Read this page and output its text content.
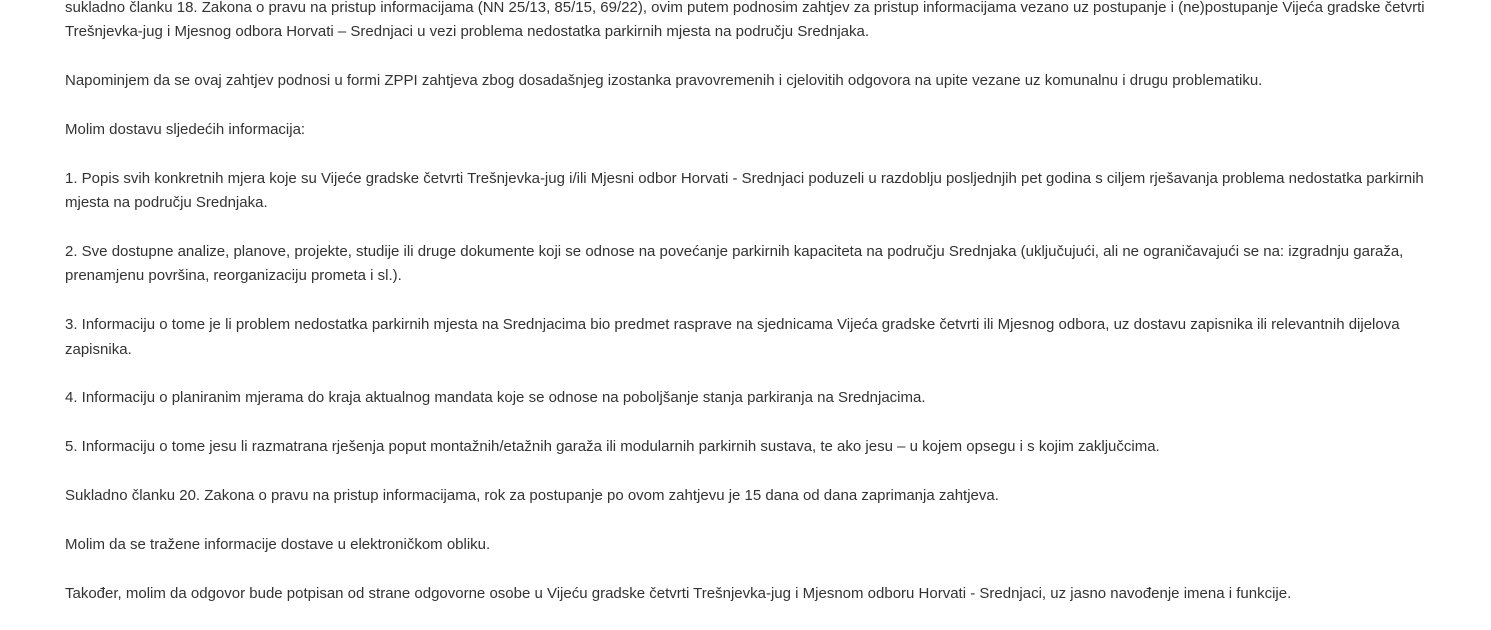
sukladno članku 18. Zakona o pravu na pristup informacijama (NN 25/13, 85/15, 69/22), ovim putem podnosim zahtjev za pristup informacijama vezano uz postupanje i (ne)postupanje Vijeća gradske četvrti Trešnjevka-jug i Mjesnog odbora Horvati – Srednjaci u vezi problema nedostatka parkirnih mjesta na području Srednjaka.

Napominjem da se ovaj zahtjev podnosi u formi ZPPI zahtjeva zbog dosadašnjeg izostanka pravovremenih i cjelovitih odgovora na upite vezane uz komunalnu i drugu problematiku.

Molim dostavu sljedećih informacija:

1. Popis svih konkretnih mjera koje su Vijeće gradske četvrti Trešnjevka-jug i/ili Mjesni odbor Horvati - Srednjaci poduzeli u razdoblju posljednjih pet godina s ciljem rješavanja problema nedostatka parkirnih mjesta na području Srednjaka.

2. Sve dostupne analize, planove, projekte, studije ili druge dokumente koji se odnose na povećanje parkirnih kapaciteta na području Srednjaka (uključujući, ali ne ograničavajući se na: izgradnju garaža, prenamjenu površina, reorganizaciju prometa i sl.).

3. Informaciju o tome je li problem nedostatka parkirnih mjesta na Srednjacima bio predmet rasprave na sjednicama Vijeća gradske četvrti ili Mjesnog odbora, uz dostavu zapisnika ili relevantnih dijelova zapisnika.

4. Informaciju o planiranim mjerama do kraja aktualnog mandata koje se odnose na poboljšanje stanja parkiranja na Srednjacima.

5. Informaciju o tome jesu li razmatrana rješenja poput montažnih/etažnih garaža ili modularnih parkirnih sustava, te ako jesu – u kojem opsegu i s kojim zaključcima.

Sukladno članku 20. Zakona o pravu na pristup informacijama, rok za postupanje po ovom zahtjevu je 15 dana od dana zaprimanja zahtjeva.

Molim da se tražene informacije dostave u elektroničkom obliku.

Također, molim da odgovor bude potpisan od strane odgovorne osobe u Vijeću gradske četvrti Trešnjevka-jug i Mjesnom odboru Horvati - Srednjaci, uz jasno navođenje imena i funkcije.
